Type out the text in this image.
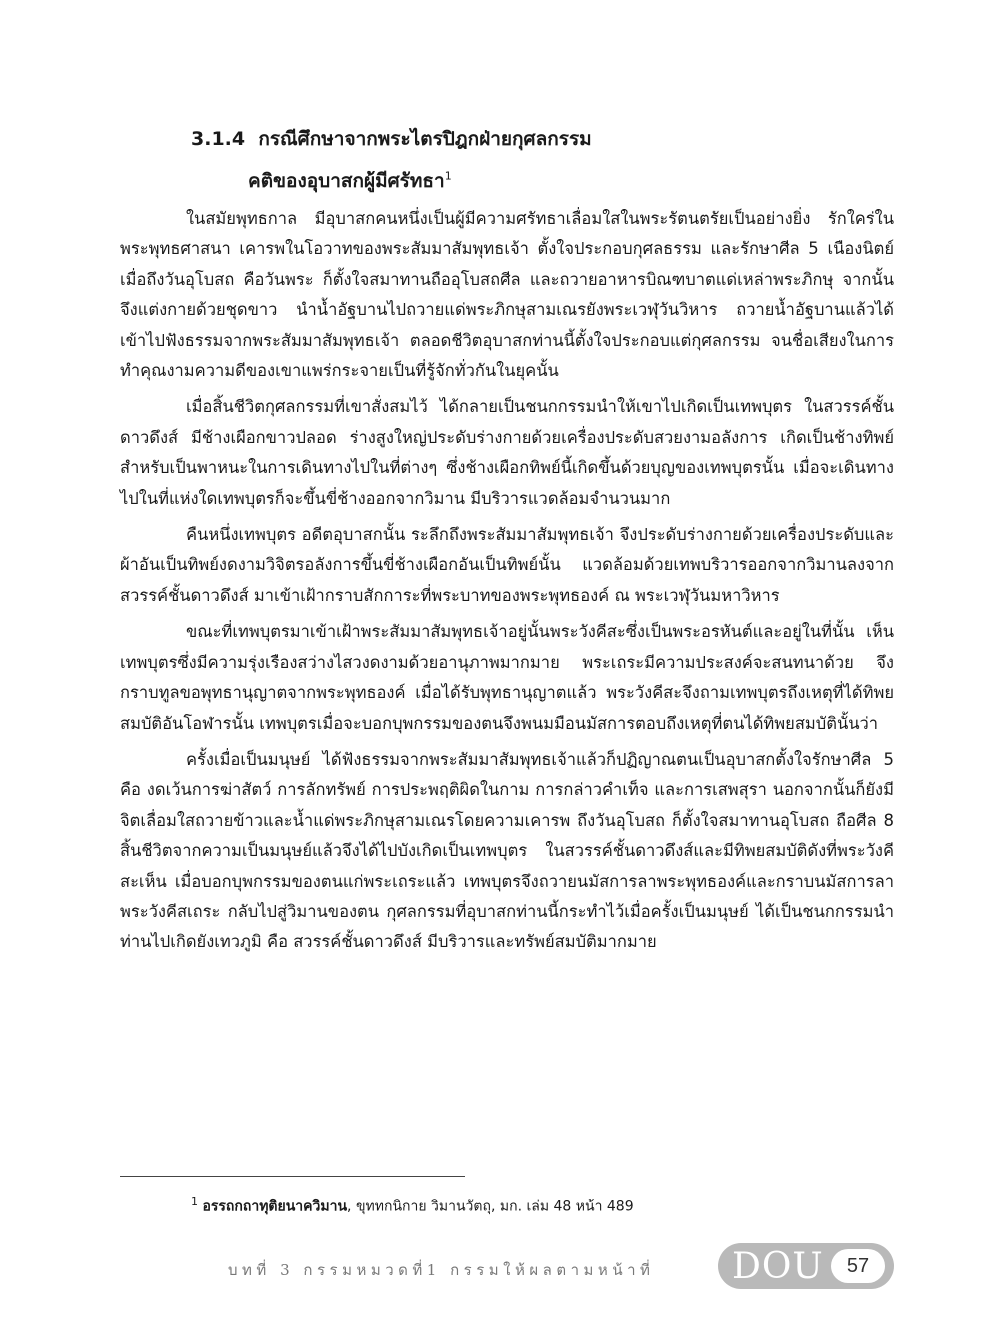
3.1.4 กรณีศึกษาจากพระไตรปิฎกฝ่ายกุศลกรรม
คติของอุบาสกผู้มีศรัทธา$^1$

ในสมัยพุทธกาล มีอุบาสกคนหนึ่งเป็นผู้มีความศรัทธาเลื่อมใสในพระรัตนตรัยเป็นอย่างยิ่ง รักใคร่ในพระพุทธศาสนา เคารพในโอวาทของพระสัมมาสัมพุทธเจ้า ตั้งใจประกอบกุศลธรรม และรักษาศีล 5 เนืองนิตย์ เมื่อถึงวันอุโบสถ คือวันพระ ก็ตั้งใจสมาทานถืออุโบสถศีล และถวายอาหารบิณฑบาตแด่เหล่าพระภิกษุ จากนั้นจึงแต่งกายด้วยชุดขาว นำน้ำอัฐบานไปถวายแด่พระภิกษุสามเณรยังพระเวฬุวันวิหาร ถวายน้ำอัฐบานแล้วได้เข้าไปฟังธรรมจากพระสัมมาสัมพุทธเจ้า ตลอดชีวิตอุบาสกท่านนี้ตั้งใจประกอบแต่กุศลกรรม จนชื่อเสียงในการทำคุณงามความดีของเขาแพร่กระจายเป็นที่รู้จักทั่วกันในยุคนั้น

เมื่อสิ้นชีวิตกุศลกรรมที่เขาสั่งสมไว้ ได้กลายเป็นชนกกรรมนำให้เขาไปเกิดเป็นเทพบุตร ในสวรรค์ชั้นดาวดึงส์ มีช้างเผือกขาวปลอด ร่างสูงใหญ่ประดับร่างกายด้วยเครื่องประดับสวยงามอลังการ เกิดเป็นช้างทิพย์สำหรับเป็นพาหนะในการเดินทางไปในที่ต่างๆ ซึ่งช้างเผือกทิพย์นี้เกิดขึ้นด้วยบุญของเทพบุตรนั้น เมื่อจะเดินทางไปในที่แห่งใดเทพบุตรก็จะขึ้นขี่ช้างออกจากวิมาน มีบริวารแวดล้อมจำนวนมาก

คืนหนึ่งเทพบุตร อดีตอุบาสกนั้น ระลึกถึงพระสัมมาสัมพุทธเจ้า จึงประดับร่างกายด้วยเครื่องประดับและผ้าอันเป็นทิพย์งดงามวิจิตรอลังการขึ้นขี่ช้างเผือกอันเป็นทิพย์นั้น แวดล้อมด้วยเทพบริวารออกจากวิมานลงจากสวรรค์ชั้นดาวดึงส์ มาเข้าเฝ้ากราบสักการะที่พระบาทของพระพุทธองค์ ณ พระเวฬุวันมหาวิหาร

ขณะที่เทพบุตรมาเข้าเฝ้าพระสัมมาสัมพุทธเจ้าอยู่นั้นพระวังคีสะซึ่งเป็นพระอรหันต์และอยู่ในที่นั้น เห็นเทพบุตรซึ่งมีความรุ่งเรืองสว่างไสวงดงามด้วยอานุภาพมากมาย พระเถระมีความประสงค์จะสนทนาด้วย จึงกราบทูลขอพุทธานุญาตจากพระพุทธองค์ เมื่อได้รับพุทธานุญาตแล้ว พระวังคีสะจึงถามเทพบุตรถึงเหตุที่ได้ทิพยสมบัติอันโอฬารนั้น เทพบุตรเมื่อจะบอกบุพกรรมของตนจึงพนมมือนมัสการตอบถึงเหตุที่ตนได้ทิพยสมบัตินั้นว่า

ครั้งเมื่อเป็นมนุษย์ ได้ฟังธรรมจากพระสัมมาสัมพุทธเจ้าแล้วก็ปฏิญาณตนเป็นอุบาสกตั้งใจรักษาศีล 5 คือ งดเว้นการฆ่าสัตว์ การลักทรัพย์ การประพฤติผิดในกาม การกล่าวคำเท็จ และการเสพสุรา นอกจากนั้นก็ยังมีจิตเลื่อมใสถวายข้าวและน้ำแด่พระภิกษุสามเณรโดยความเคารพ ถึงวันอุโบสถ ก็ตั้งใจสมาทานอุโบสถ ถือศีล 8 สิ้นชีวิตจากความเป็นมนุษย์แล้วจึงได้ไปบังเกิดเป็นเทพบุตร ในสวรรค์ชั้นดาวดึงส์และมีทิพยสมบัติดังที่พระวังคีสะเห็น เมื่อบอกบุพกรรมของตนแก่พระเถระแล้ว เทพบุตรจึงถวายนมัสการลาพระพุทธองค์และกราบนมัสการลาพระวังคีสเถระ กลับไปสู่วิมานของตน กุศลกรรมที่อุบาสกท่านนี้กระทำไว้เมื่อครั้งเป็นมนุษย์ ได้เป็นชนกกรรมนำท่านไปเกิดยังเทวภูมิ คือ สวรรค์ชั้นดาวดึงส์ มีบริวารและทรัพย์สมบัติมากมาย

$^1$ อรรถกถาทุติยนาควิมาน, ขุททกนิกาย วิมานวัตถุ, มก. เล่ม 48 หน้า 489
บทที่ 3 กรรมหมวดที่1 กรรมให้ผลตามหน้าที่ DOU	57
